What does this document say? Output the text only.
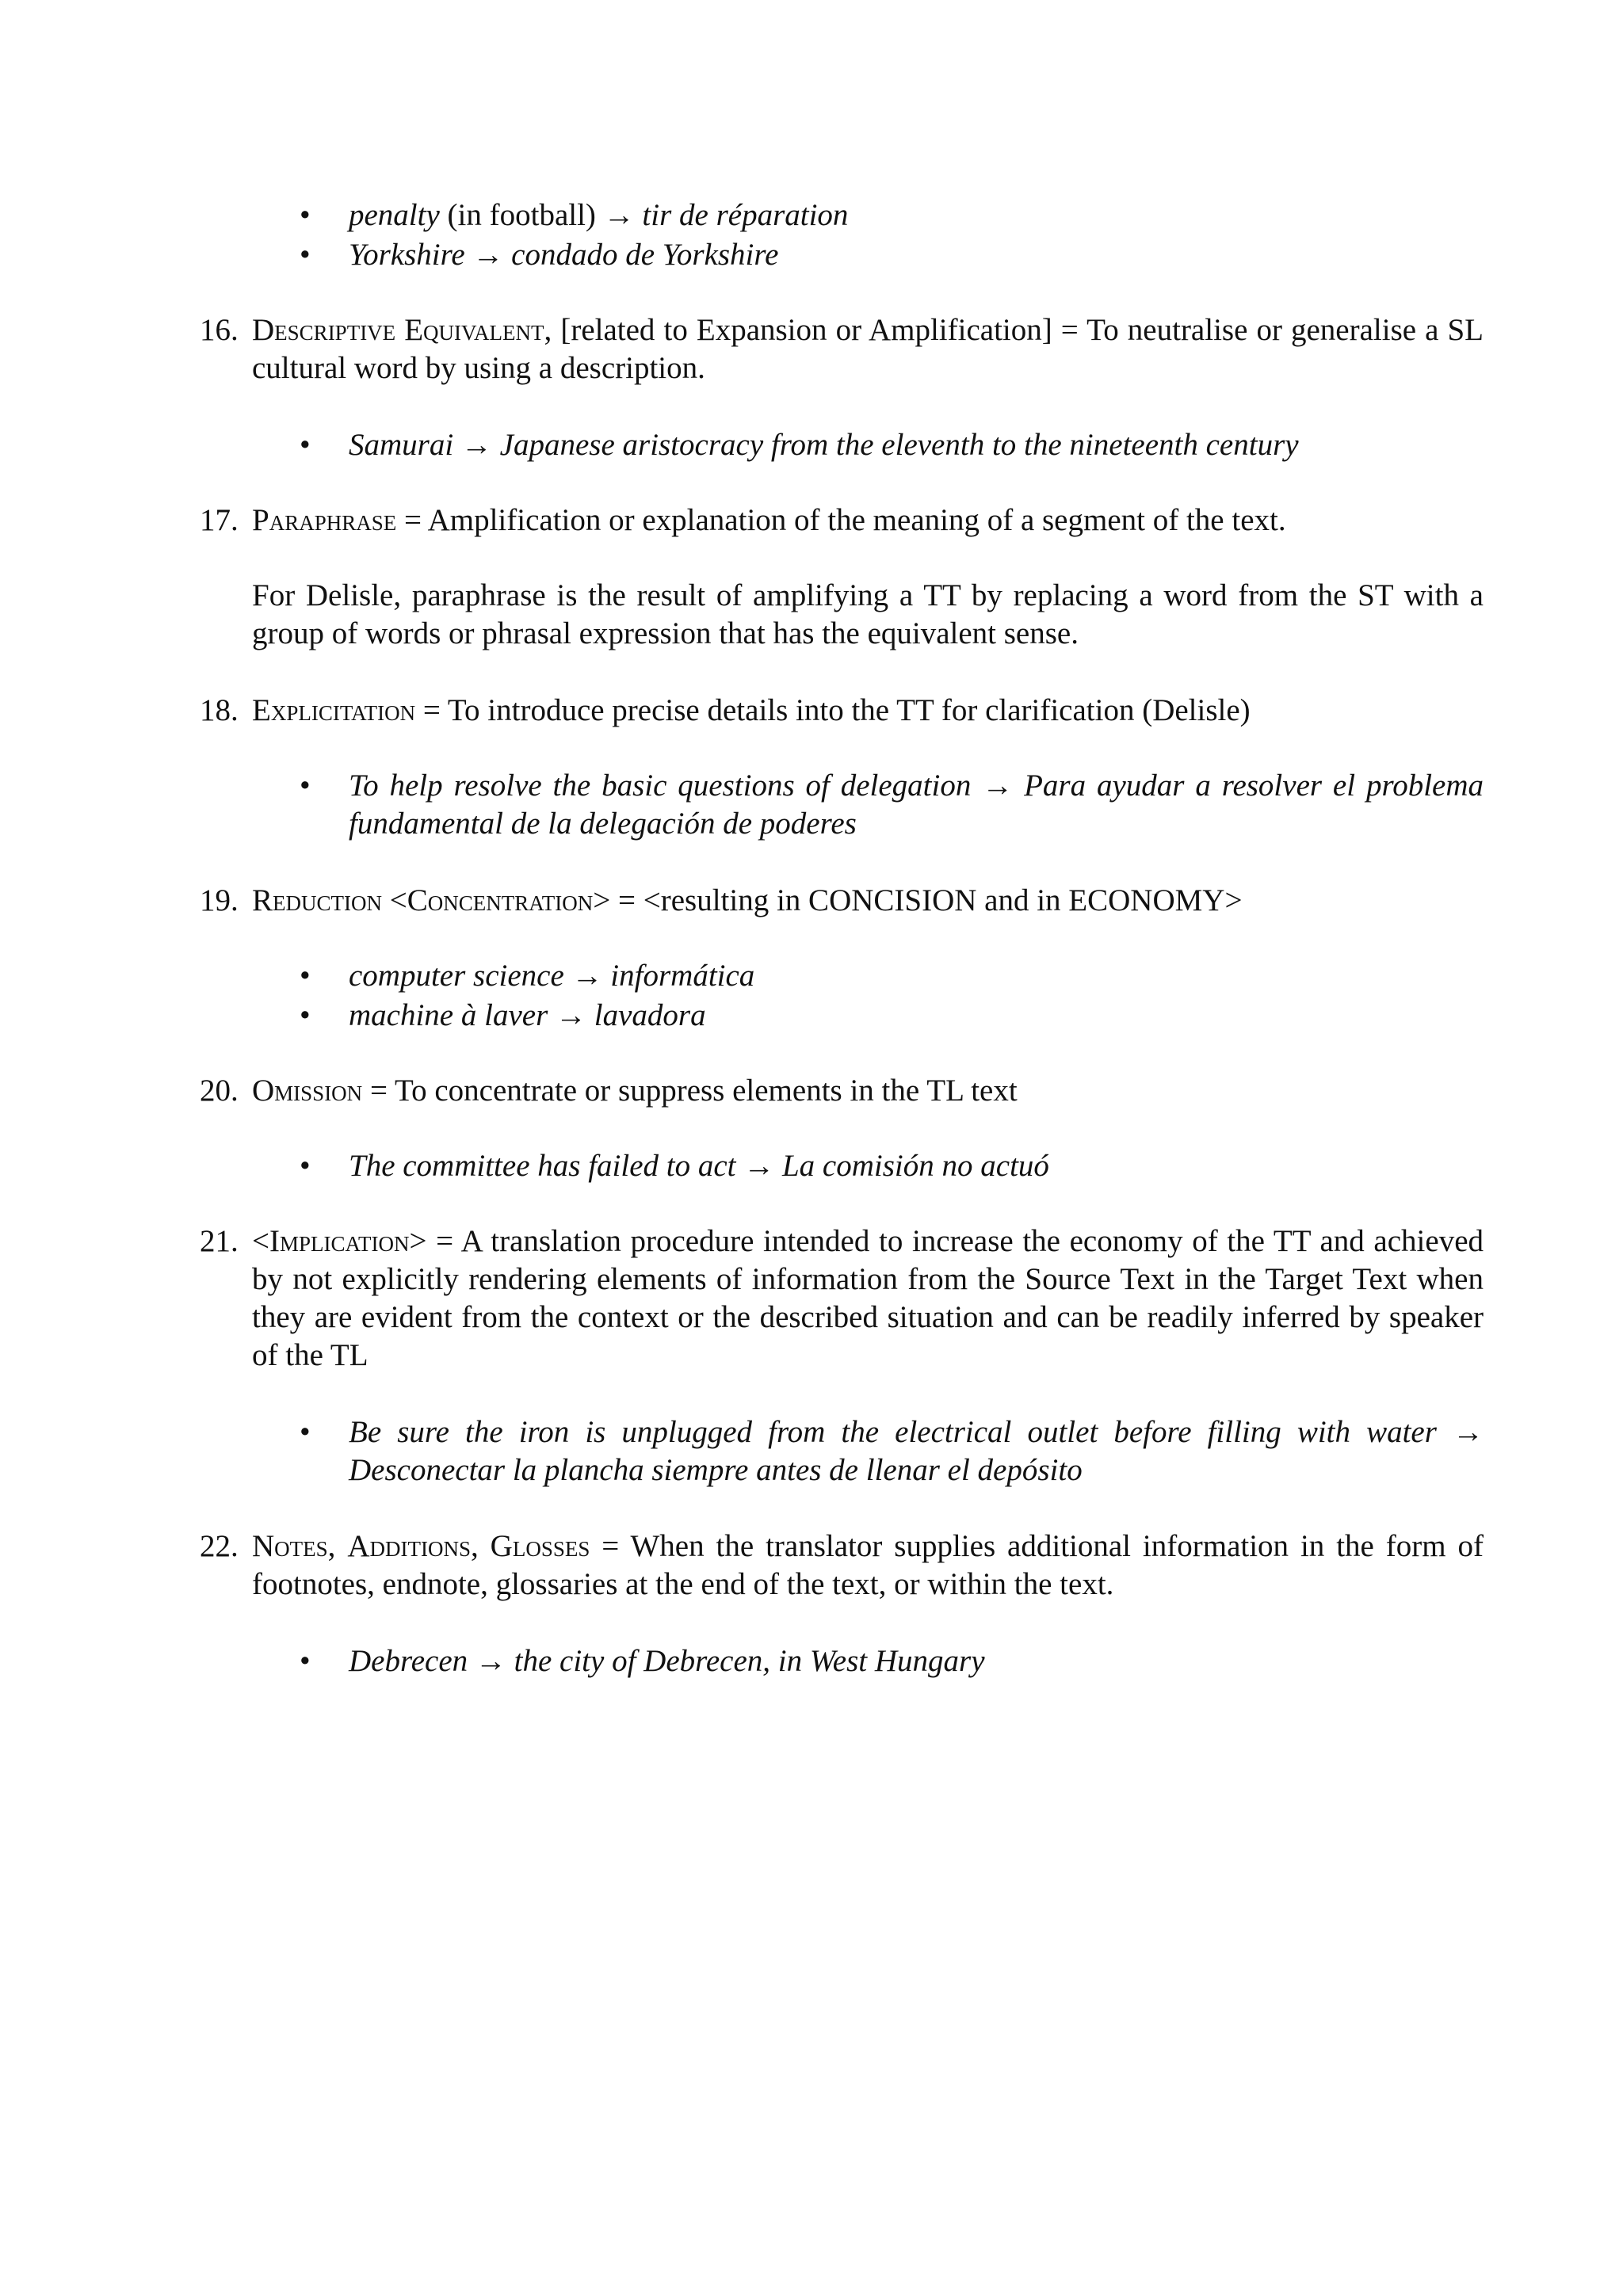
•	penalty (in football) → tir de réparation
•	Yorkshire → condado de Yorkshire
16. Descriptive Equivalent, [related to Expansion or Amplification] = To neutralise or generalise a SL cultural word by using a description.
•	Samurai → Japanese aristocracy from the eleventh to the nineteenth century
17. Paraphrase = Amplification or explanation of the meaning of a segment of the text.
For Delisle, paraphrase is the result of amplifying a TT by replacing a word from the ST with a group of words or phrasal expression that has the equivalent sense.
18. Explicitation = To introduce precise details into the TT for clarification (Delisle)
•	To help resolve the basic questions of delegation → Para ayudar a resolver el problema fundamental de la delegación de poderes
19. Reduction <Concentration> = <resulting in CONCISION and in ECONOMY>
•	computer science → informática
•	machine à laver → lavadora
20. Omission = To concentrate or suppress elements in the TL text
•	The committee has failed to act → La comisión no actuó
21. <Implication> = A translation procedure intended to increase the economy of the TT and achieved by not explicitly rendering elements of information from the Source Text in the Target Text when they are evident from the context or the described situation and can be readily inferred by speaker of the TL
•	Be sure the iron is unplugged from the electrical outlet before filling with water → Desconectar la plancha siempre antes de llenar el depósito
22. Notes, Additions, Glosses = When the translator supplies additional information in the form of footnotes, endnote, glossaries at the end of the text, or within the text.
•	Debrecen → the city of Debrecen, in West Hungary
